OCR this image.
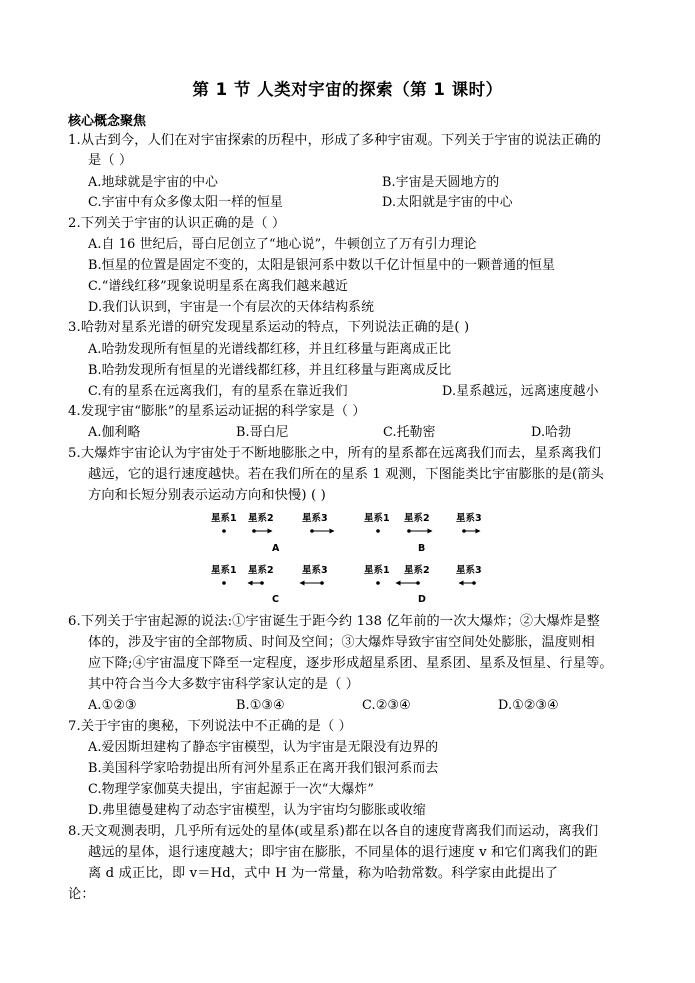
第 1 节 人类对宇宙的探索（第 1 课时）
核心概念聚焦
1.从古到今，人们在对宇宙探索的历程中，形成了多种宇宙观。下列关于宇宙的说法正确的
是（ ）
A.地球就是宇宙的中心	B.宇宙是天圆地方的
C.宇宙中有众多像太阳一样的恒星	D.太阳就是宇宙的中心
2.下列关于宇宙的认识正确的是（ ）
A.自 16 世纪后，哥白尼创立了“地心说”，牛顿创立了万有引力理论
B.恒星的位置是固定不变的，太阳是银河系中数以千亿计恒星中的一颗普通的恒星
C.“谱线红移”现象说明星系在离我们越来越近
D.我们认识到，宇宙是一个有层次的天体结构系统
3.哈勃对星系光谱的研究发现星系运动的特点，下列说法正确的是( )
A.哈勃发现所有恒星的光谱线都红移，并且红移量与距离成正比
B.哈勃发现所有恒星的光谱线都红移，并且红移量与距离成反比
C.有的星系在远离我们，有的星系在靠近我们	D.星系越远，远离速度越小
4.发现宇宙“膨胀”的星系运动证据的科学家是（ ）
A.伽利略	B.哥白尼	C.托勒密	D.哈勃
5.大爆炸宇宙论认为宇宙处于不断地膨胀之中，所有的星系都在远离我们而去，星系离我们
越远，它的退行速度越快。若在我们所在的星系 1 观测，下图能类比宇宙膨胀的是(箭头
方向和长短分别表示运动方向和快慢) ( )
星系1 星系2	星系3
A
星系1 星系2	星系3
B
星系1 星系2	星系3
C
星系1 星系2	星系3
D
6.下列关于宇宙起源的说法:①宇宙诞生于距今约 138 亿年前的一次大爆炸；②大爆炸是整
体的，涉及宇宙的全部物质、时间及空间；③大爆炸导致宇宙空间处处膨胀，温度则相
应下降;④宇宙温度下降至一定程度，逐步形成超星系团、星系团、星系及恒星、行星等。
其中符合当今大多数宇宙科学家认定的是（ ）
A.①②③	B.①③④	C.②③④	D.①②③④
7.关于宇宙的奥秘，下列说法中不正确的是（ ）
A.爱因斯坦建构了静态宇宙模型，认为宇宙是无限没有边界的
B.美国科学家哈勃提出所有河外星系正在离开我们银河系而去
C.物理学家伽莫夫提出，宇宙起源于一次“大爆炸”
D.弗里德曼建构了动态宇宙模型，认为宇宙均匀膨胀或收缩
8.天文观测表明，几乎所有远处的星体(或星系)都在以各自的速度背离我们而运动，离我们
越远的星体，退行速度越大；即宇宙在膨胀，不同星体的退行速度 v 和它们离我们的距
离 d 成正比，即 v＝Hd，式中 H 为一常量，称为哈勃常数。科学家由此提出了
论：
